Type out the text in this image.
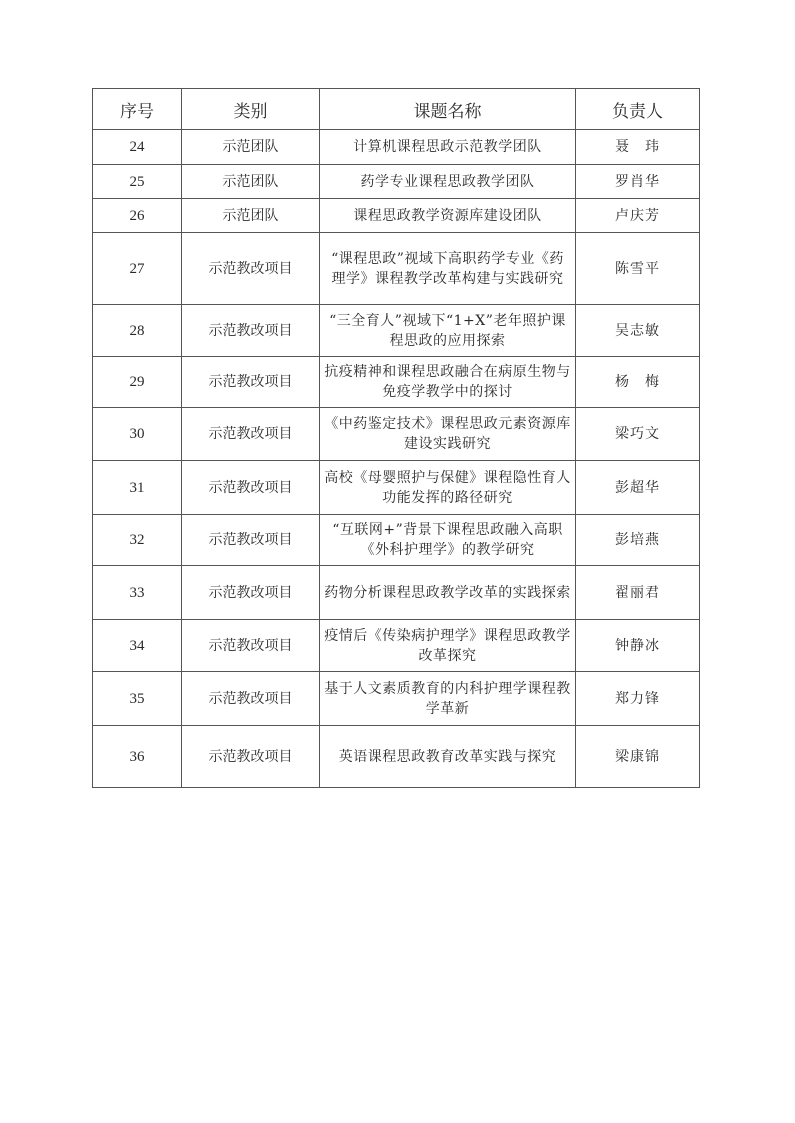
序号	类别	课题名称	负责人
24	示范团队	计算机课程思政示范教学团队	聂　玮
25	示范团队	药学专业课程思政教学团队	罗肖华
26	示范团队	课程思政教学资源库建设团队	卢庆芳
27	示范教改项目	“课程思政”视域下高职药学专业《药理学》课程教学改革构建与实践研究	陈雪平
28	示范教改项目	“三全育人”视域下“1+X”老年照护课程思政的应用探索	吴志敏
29	示范教改项目	抗疫精神和课程思政融合在病原生物与 免疫学教学中的探讨	杨　梅
30	示范教改项目	《中药鉴定技术》课程思政元素资源库建设实践研究	梁巧文
31	示范教改项目	高校《母婴照护与保健》课程隐性育人功能发挥的路径研究	彭超华
32	示范教改项目	“互联网+”背景下课程思政融入高职《外科护理学》的教学研究	彭培燕
33	示范教改项目	药物分析课程思政教学改革的实践探索	翟丽君
34	示范教改项目	疫情后《传染病护理学》课程思政教学改革探究	钟静冰
35	示范教改项目	基于人文素质教育的内科护理学课程教学革新	郑力锋
36	示范教改项目	英语课程思政教育改革实践与探究	梁康锦
